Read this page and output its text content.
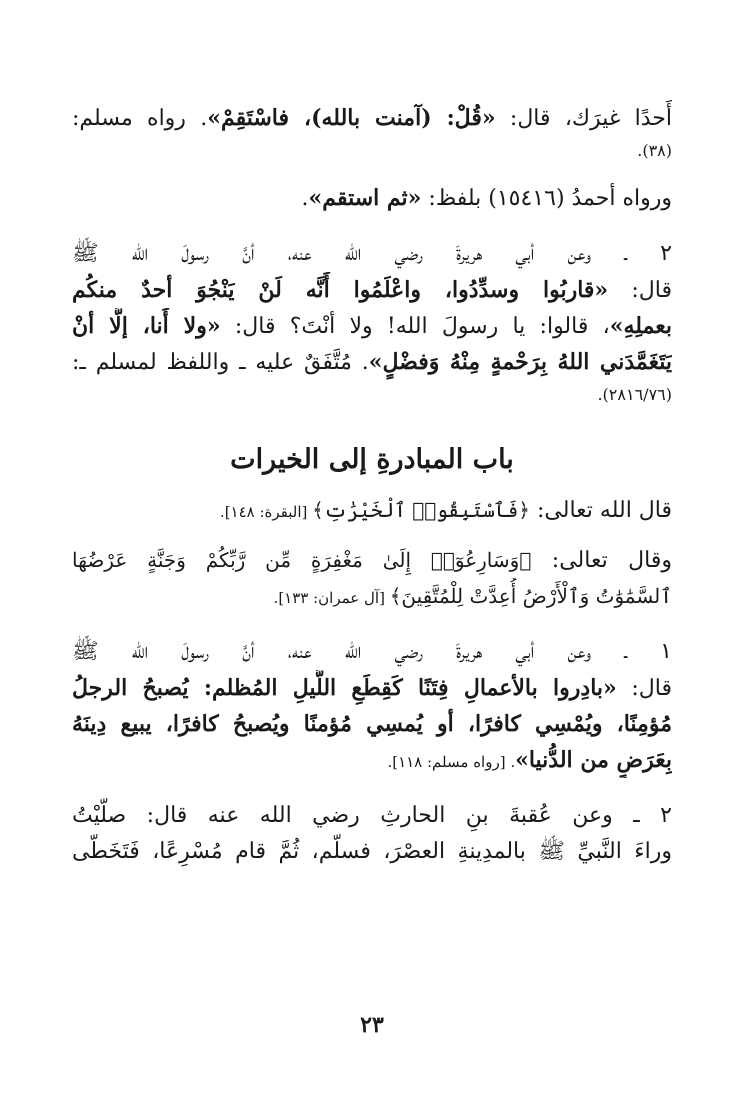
أَحدًا غيرَك، قال: «قُلْ: (آمنت بالله)، فاسْتَقِمْ». رواه مسلم:
(٣٨).
ورواه أحمدُ (١٥٤١٦) بلفظ: «ثم استقم».
٢ ـ وعن أبي هريرةَ رضي الله عنه، أنَّ رسولَ الله ﷺ
قال: «قاربُوا وسدِّدُوا، واعْلَمُوا أَنَّه لَنْ يَنْجُوَ أحدٌ منكُم
بعملِهِ»، قالوا: يا رسولَ الله! ولا أنْتَ؟ قال: «ولا أَنا، إلَّا أنْ
يَتَغَمَّدَني اللهُ بِرَحْمةٍ مِنْهُ وَفضْلٍ». مُتَّفَقٌ عليه ـ واللفظ لمسلم ـ:
(٢٨١٦/٧٦).
باب المبادرةِ إلى الخيرات
قال الله تعالى: ﴿فَٱسْتَبِقُوا۟ ٱلْخَيْرَٰتِ﴾ [البقرة: ١٤٨].
وقال تعالى: ﴿وَسَارِعُوٓا۟ إِلَىٰ مَغْفِرَةٍ مِّن رَّبِّكُمْ وَجَنَّةٍ عَرْضُهَا
ٱلسَّمَٰوَٰتُ وَٱلْأَرْضُ أُعِدَّتْ لِلْمُتَّقِينَ﴾ [آل عمران: ١٣٣].
١ ـ وعن أبي هريرةَ رضي الله عنه، أنَّ رسولَ الله ﷺ
قال: «بادِروا بالأعمالِ فِتَنًا كَقِطَعِ اللَّيلِ المُظلم: يُصبحُ الرجلُ
مُؤمِنًا، ويُمْسِي كافرًا، أو يُمسِي مُؤمنًا ويُصبحُ كافرًا، يبيع دِينَهُ
بِعَرَضٍ من الدُّنيا». [رواه مسلم: ١١٨].
٢ ـ وعن عُقبةَ بنِ الحارثِ رضي الله عنه قال: صلَّيْتُ
وراءَ النَّبيِّ ﷺ بالمدِينةِ العصْرَ، فسلَّم، ثُمَّ قام مُسْرِعًا، فَتَخَطَّى
٢٣
